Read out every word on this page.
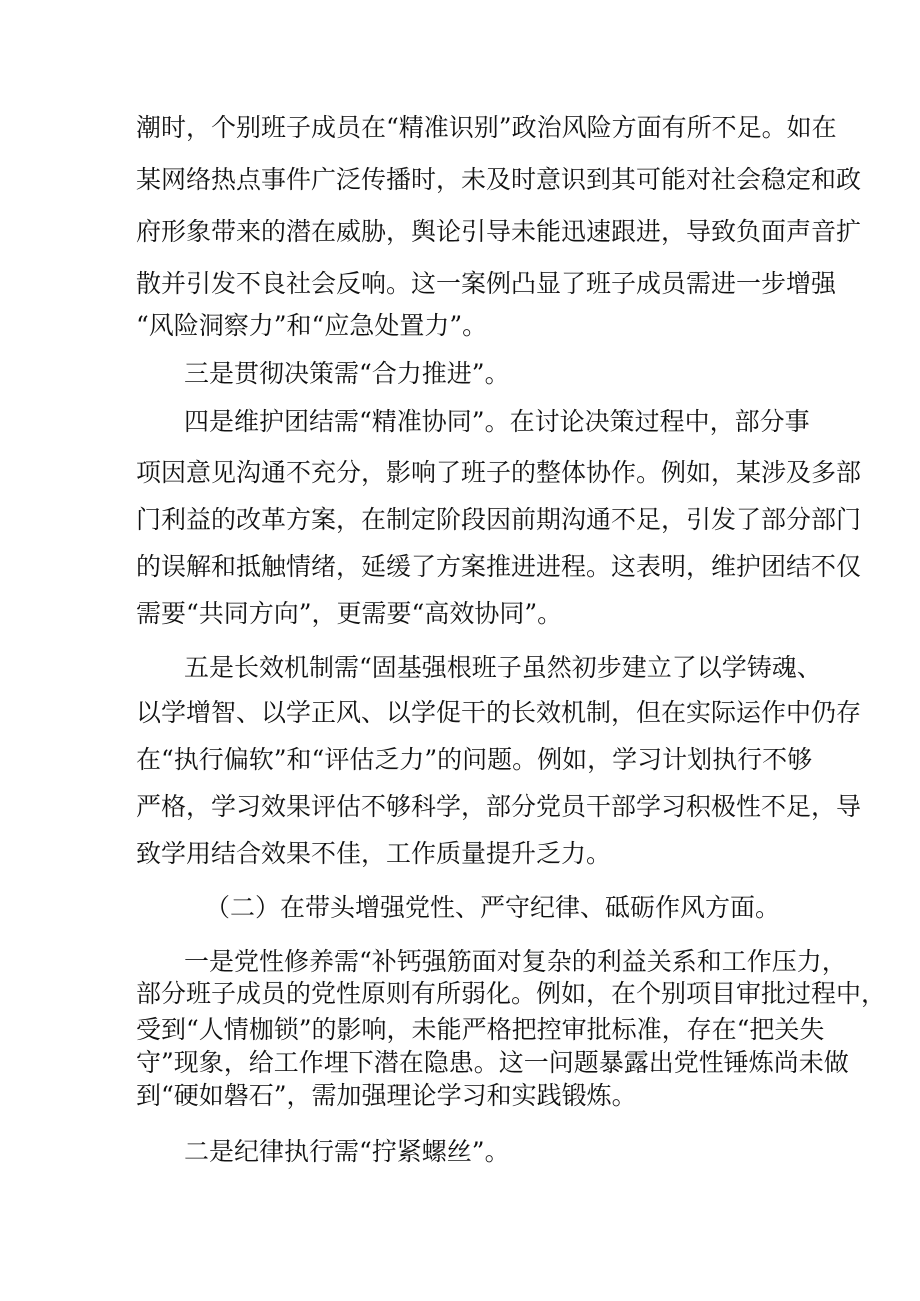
潮时，个别班子成员在“精准识别”政治风险方面有所不足。如在
某网络热点事件广泛传播时，未及时意识到其可能对社会稳定和政
府形象带来的潜在威胁，舆论引导未能迅速跟进，导致负面声音扩
散并引发不良社会反响。这一案例凸显了班子成员需进一步增强
“风险洞察力”和“应急处置力”。
三是贯彻决策需“合力推进”。
四是维护团结需“精准协同”。在讨论决策过程中，部分事
项因意见沟通不充分，影响了班子的整体协作。例如，某涉及多部
门利益的改革方案，在制定阶段因前期沟通不足，引发了部分部门
的误解和抵触情绪，延缓了方案推进进程。这表明，维护团结不仅
需要“共同方向”，更需要“高效协同”。
五是长效机制需“固基强根班子虽然初步建立了以学铸魂、
以学增智、以学正风、以学促干的长效机制，但在实际运作中仍存
在“执行偏软”和“评估乏力”的问题。例如，学习计划执行不够
严格，学习效果评估不够科学，部分党员干部学习积极性不足，导
致学用结合效果不佳，工作质量提升乏力。
（二）在带头增强党性、严守纪律、砥砺作风方面。
一是党性修养需“补钙强筋面对复杂的利益关系和工作压力，
部分班子成员的党性原则有所弱化。例如，在个别项目审批过程中，
受到“人情枷锁”的影响，未能严格把控审批标准，存在“把关失
守”现象，给工作埋下潜在隐患。这一问题暴露出党性锤炼尚未做
到“硬如磐石”，需加强理论学习和实践锻炼。
二是纪律执行需“拧紧螺丝”。
